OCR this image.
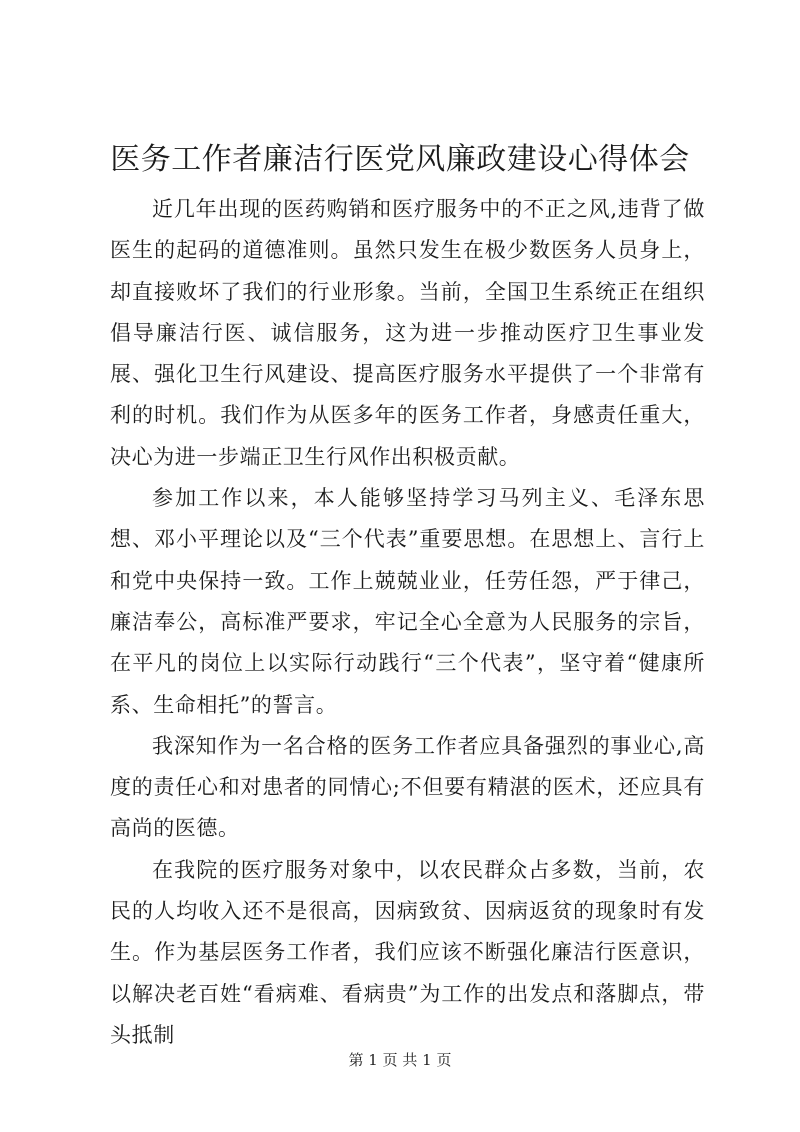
医务工作者廉洁行医党风廉政建设心得体会

近几年出现的医药购销和医疗服务中的不正之风,违背了做医生的起码的道德准则。虽然只发生在极少数医务人员身上，却直接败坏了我们的行业形象。当前，全国卫生系统正在组织倡导廉洁行医、诚信服务，这为进一步推动医疗卫生事业发展、强化卫生行风建设、提高医疗服务水平提供了一个非常有利的时机。我们作为从医多年的医务工作者，身感责任重大，决心为进一步端正卫生行风作出积极贡献。

参加工作以来，本人能够坚持学习马列主义、毛泽东思想、邓小平理论以及“三个代表”重要思想。在思想上、言行上和党中央保持一致。工作上兢兢业业，任劳任怨，严于律己，廉洁奉公，高标准严要求，牢记全心全意为人民服务的宗旨，在平凡的岗位上以实际行动践行“三个代表”，坚守着“健康所系、生命相托”的誓言。

我深知作为一名合格的医务工作者应具备强烈的事业心,高度的责任心和对患者的同情心;不但要有精湛的医术，还应具有高尚的医德。

在我院的医疗服务对象中，以农民群众占多数，当前，农民的人均收入还不是很高，因病致贫、因病返贫的现象时有发生。作为基层医务工作者，我们应该不断强化廉洁行医意识，以解决老百姓“看病难、看病贵”为工作的出发点和落脚点，带头抵制

第 1 页 共 1 页
